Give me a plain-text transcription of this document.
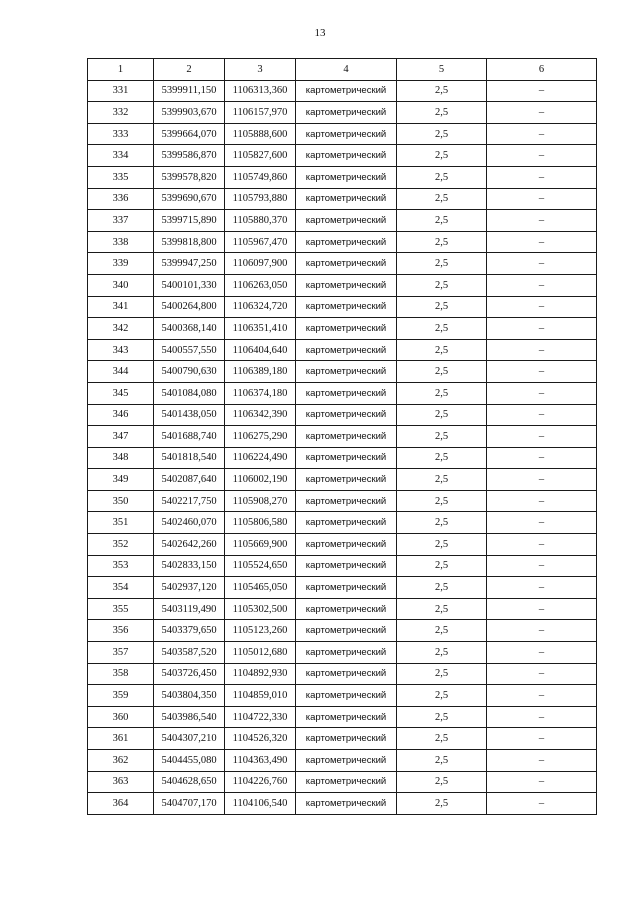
13
1	2	3	4	5	6
331	5399911,150	1106313,360	картометрический	2,5	–
332	5399903,670	1106157,970	картометрический	2,5	–
333	5399664,070	1105888,600	картометрический	2,5	–
334	5399586,870	1105827,600	картометрический	2,5	–
335	5399578,820	1105749,860	картометрический	2,5	–
336	5399690,670	1105793,880	картометрический	2,5	–
337	5399715,890	1105880,370	картометрический	2,5	–
338	5399818,800	1105967,470	картометрический	2,5	–
339	5399947,250	1106097,900	картометрический	2,5	–
340	5400101,330	1106263,050	картометрический	2,5	–
341	5400264,800	1106324,720	картометрический	2,5	–
342	5400368,140	1106351,410	картометрический	2,5	–
343	5400557,550	1106404,640	картометрический	2,5	–
344	5400790,630	1106389,180	картометрический	2,5	–
345	5401084,080	1106374,180	картометрический	2,5	–
346	5401438,050	1106342,390	картометрический	2,5	–
347	5401688,740	1106275,290	картометрический	2,5	–
348	5401818,540	1106224,490	картометрический	2,5	–
349	5402087,640	1106002,190	картометрический	2,5	–
350	5402217,750	1105908,270	картометрический	2,5	–
351	5402460,070	1105806,580	картометрический	2,5	–
352	5402642,260	1105669,900	картометрический	2,5	–
353	5402833,150	1105524,650	картометрический	2,5	–
354	5402937,120	1105465,050	картометрический	2,5	–
355	5403119,490	1105302,500	картометрический	2,5	–
356	5403379,650	1105123,260	картометрический	2,5	–
357	5403587,520	1105012,680	картометрический	2,5	–
358	5403726,450	1104892,930	картометрический	2,5	–
359	5403804,350	1104859,010	картометрический	2,5	–
360	5403986,540	1104722,330	картометрический	2,5	–
361	5404307,210	1104526,320	картометрический	2,5	–
362	5404455,080	1104363,490	картометрический	2,5	–
363	5404628,650	1104226,760	картометрический	2,5	–
364	5404707,170	1104106,540	картометрический	2,5	–
